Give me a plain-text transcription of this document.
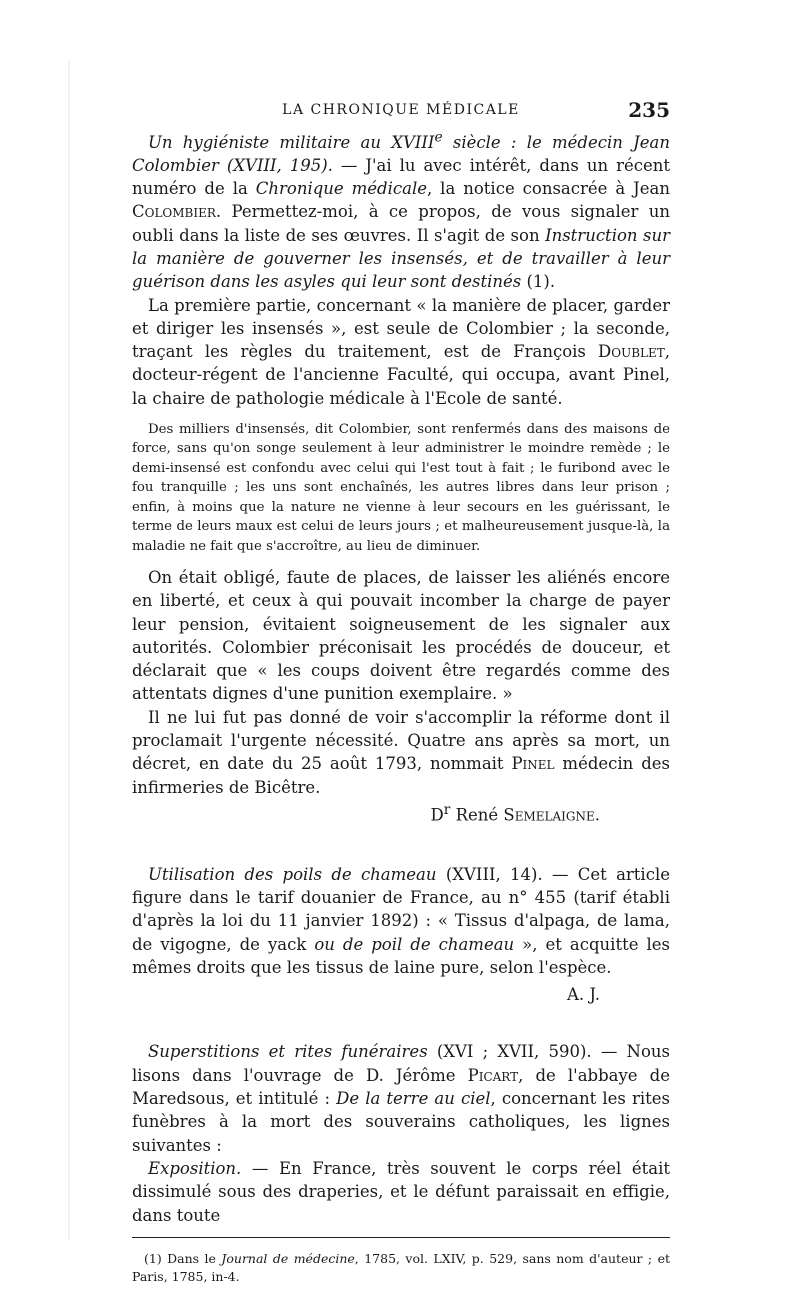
LA CHRONIQUE MÉDICALE	235

Un hygiéniste militaire au XVIIIe siècle : le médecin Jean Colombier (XVIII, 195). — J'ai lu avec intérêt, dans un récent numéro de la Chronique médicale, la notice consacrée à Jean Colombier. Permettez-moi, à ce propos, de vous signaler un oubli dans la liste de ses œuvres. Il s'agit de son Instruction sur la manière de gouverner les insensés, et de travailler à leur guérison dans les asyles qui leur sont destinés (1).

La première partie, concernant « la manière de placer, garder et diriger les insensés », est seule de Colombier ; la seconde, traçant les règles du traitement, est de François Doublet, docteur-régent de l'ancienne Faculté, qui occupa, avant Pinel, la chaire de pathologie médicale à l'Ecole de santé.

Des milliers d'insensés, dit Colombier, sont renfermés dans des maisons de force, sans qu'on songe seulement à leur administrer le moindre remède ; le demi-insensé est confondu avec celui qui l'est tout à fait ; le furibond avec le fou tranquille ; les uns sont enchaînés, les autres libres dans leur prison ; enfin, à moins que la nature ne vienne à leur secours en les guérissant, le terme de leurs maux est celui de leurs jours ; et malheureusement jusque-là, la maladie ne fait que s'accroître, au lieu de diminuer.

On était obligé, faute de places, de laisser les aliénés encore en liberté, et ceux à qui pouvait incomber la charge de payer leur pension, évitaient soigneusement de les signaler aux autorités. Colombier préconisait les procédés de douceur, et déclarait que « les coups doivent être regardés comme des attentats dignes d'une punition exemplaire. »

Il ne lui fut pas donné de voir s'accomplir la réforme dont il proclamait l'urgente nécessité. Quatre ans après sa mort, un décret, en date du 25 août 1793, nommait Pinel médecin des infirmeries de Bicêtre.

$D^r$ René Semelaigne.

Utilisation des poils de chameau (XVIII, 14). — Cet article figure dans le tarif douanier de France, au n° 455 (tarif établi d'après la loi du 11 janvier 1892) : « Tissus d'alpaga, de lama, de vigogne, de yack ou de poil de chameau », et acquitte les mêmes droits que les tissus de laine pure, selon l'espèce.

A. J.

Superstitions et rites funéraires (XVI ; XVII, 590). — Nous lisons dans l'ouvrage de D. Jérôme Picart, de l'abbaye de Maredsous, et intitulé : De la terre au ciel, concernant les rites funèbres à la mort des souverains catholiques, les lignes suivantes :

Exposition. — En France, très souvent le corps réel était dissimulé sous des draperies, et le défunt paraissait en effigie, dans toute

(1) Dans le Journal de médecine, 1785, vol. LXIV, p. 529, sans nom d'auteur ; et Paris, 1785, in-4.
